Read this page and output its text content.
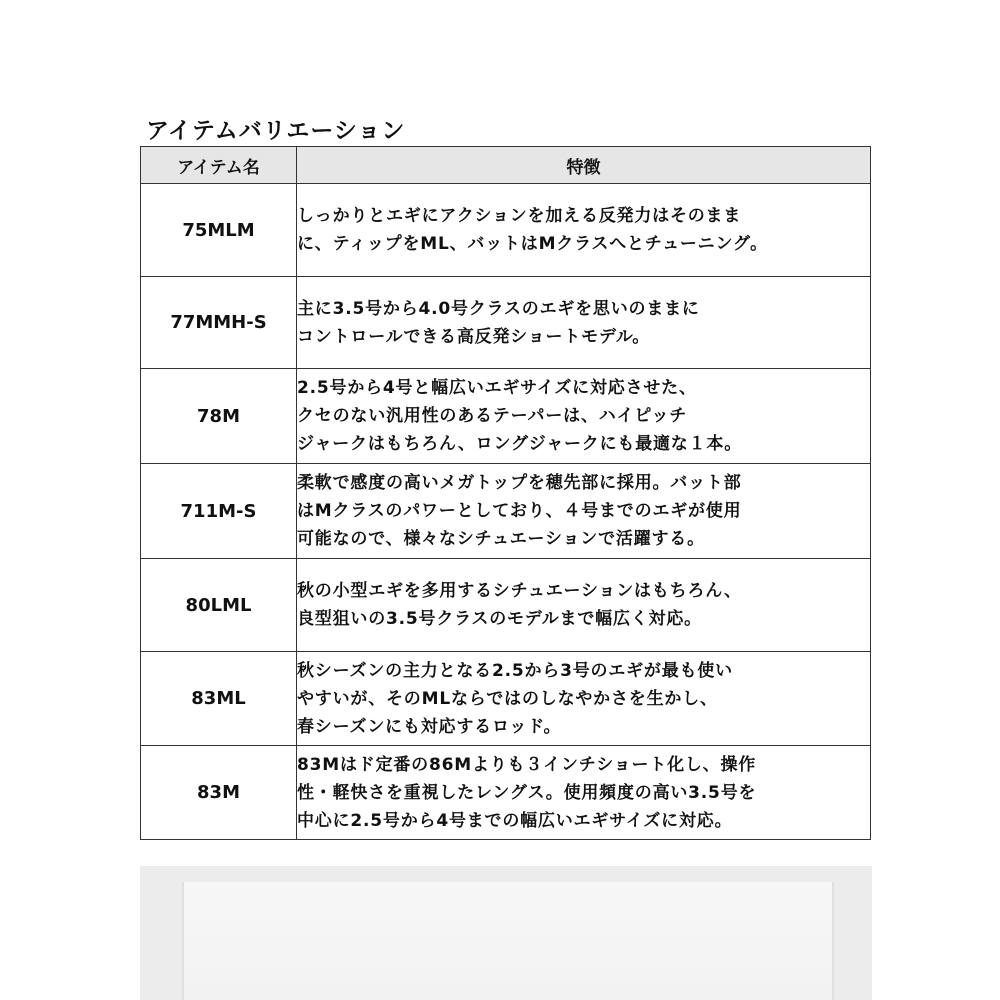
アイテムバリエーション
アイテム名	特徴
75MLM	しっかりとエギにアクションを加える反発力はそのまま
に、ティップをML、バットはMクラスへとチューニング。

77MMH-S	主に3.5号から4.0号クラスのエギを思いのままに
コントロールできる高反発ショートモデル。

78M	2.5号から4号と幅広いエギサイズに対応させた、
クセのない汎用性のあるテーパーは、ハイピッチ
ジャークはもちろん、ロングジャークにも最適な１本。

711M-S	柔軟で感度の高いメガトップを穂先部に採用。バット部
はMクラスのパワーとしており、４号までのエギが使用
可能なので、様々なシチュエーションで活躍する。

80LML	秋の小型エギを多用するシチュエーションはもちろん、
良型狙いの3.5号クラスのモデルまで幅広く対応。

83ML	秋シーズンの主力となる2.5から3号のエギが最も使い
やすいが、そのMLならではのしなやかさを生かし、
春シーズンにも対応するロッド。

83M	83Mはド定番の86Mよりも３インチショート化し、操作
性・軽快さを重視したレングス。使用頻度の高い3.5号を
中心に2.5号から4号までの幅広いエギサイズに対応。
